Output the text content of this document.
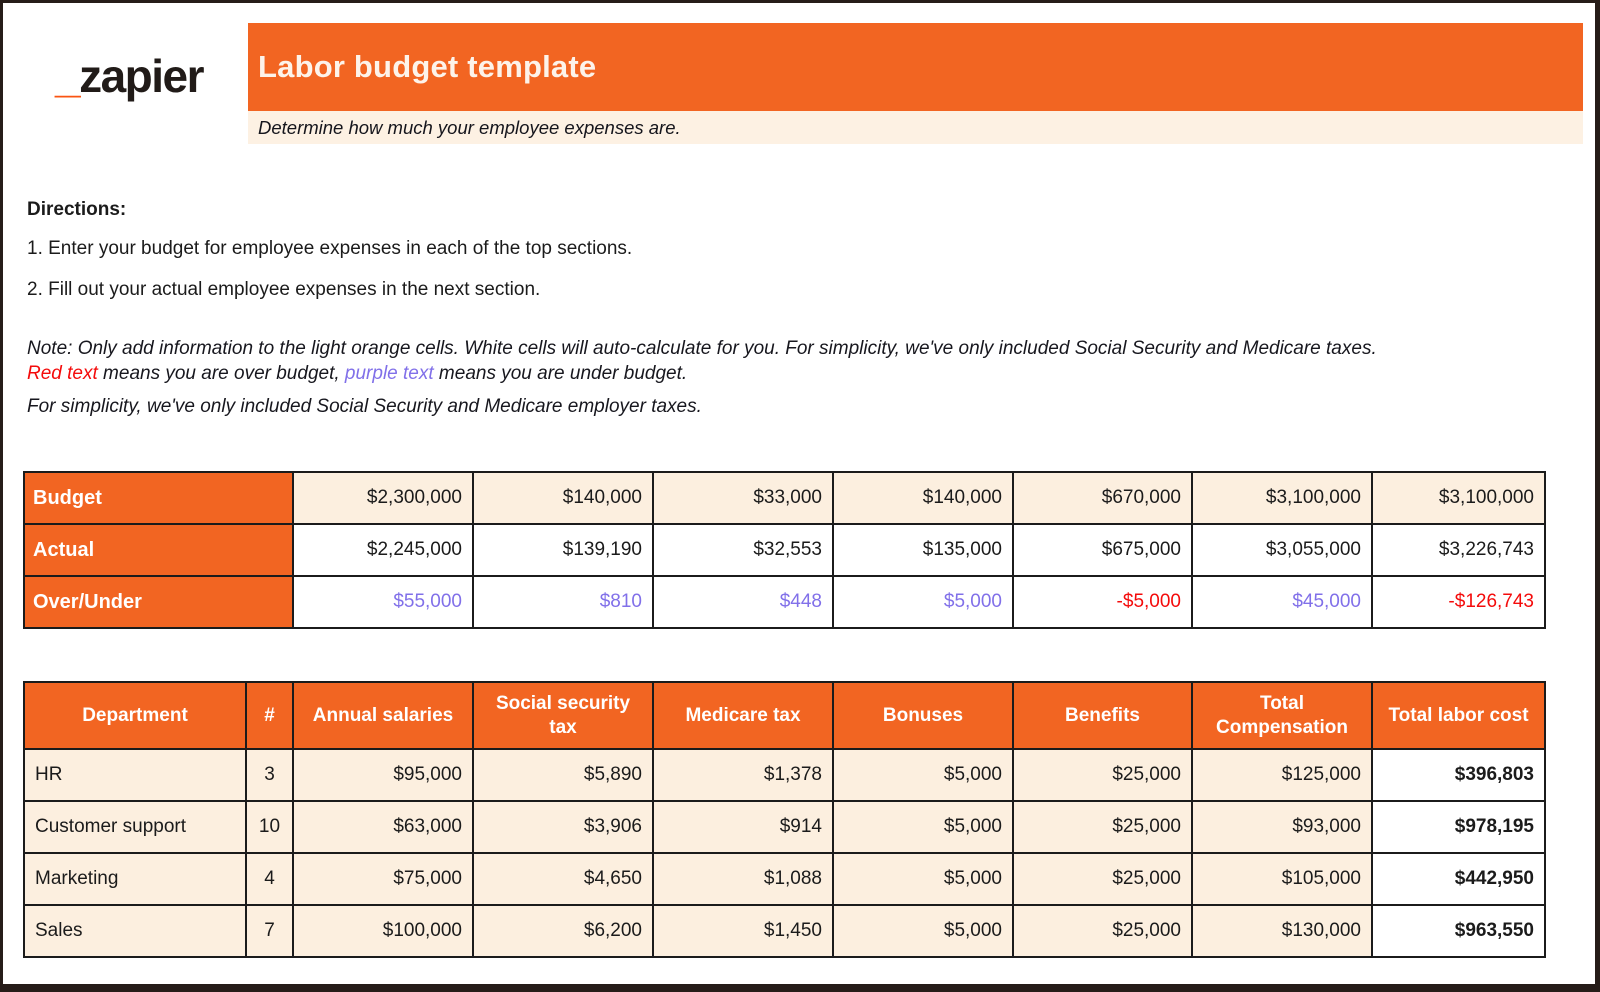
_zapier	Labor budget template
Determine how much your employee expenses are.
Directions:
1. Enter your budget for employee expenses in each of the top sections.
2. Fill out your actual employee expenses in the next section.
Note: Only add information to the light orange cells. White cells will auto-calculate for you. For simplicity, we've only included Social Security and Medicare taxes.
Red text means you are over budget, purple text means you are under budget.
For simplicity, we've only included Social Security and Medicare employer taxes.
Budget	$2,300,000	$140,000	$33,000	$140,000	$670,000	$3,100,000	$3,100,000
Actual	$2,245,000	$139,190	$32,553	$135,000	$675,000	$3,055,000	$3,226,743
Over/Under	$55,000	$810	$448	$5,000	-$5,000	$45,000	-$126,743
Department	#	Annual salaries	Social security tax	Medicare tax	Bonuses	Benefits	Total Compensation	Total labor cost
HR	3	$95,000	$5,890	$1,378	$5,000	$25,000	$125,000	$396,803
Customer support	10	$63,000	$3,906	$914	$5,000	$25,000	$93,000	$978,195
Marketing	4	$75,000	$4,650	$1,088	$5,000	$25,000	$105,000	$442,950
Sales	7	$100,000	$6,200	$1,450	$5,000	$25,000	$130,000	$963,550
